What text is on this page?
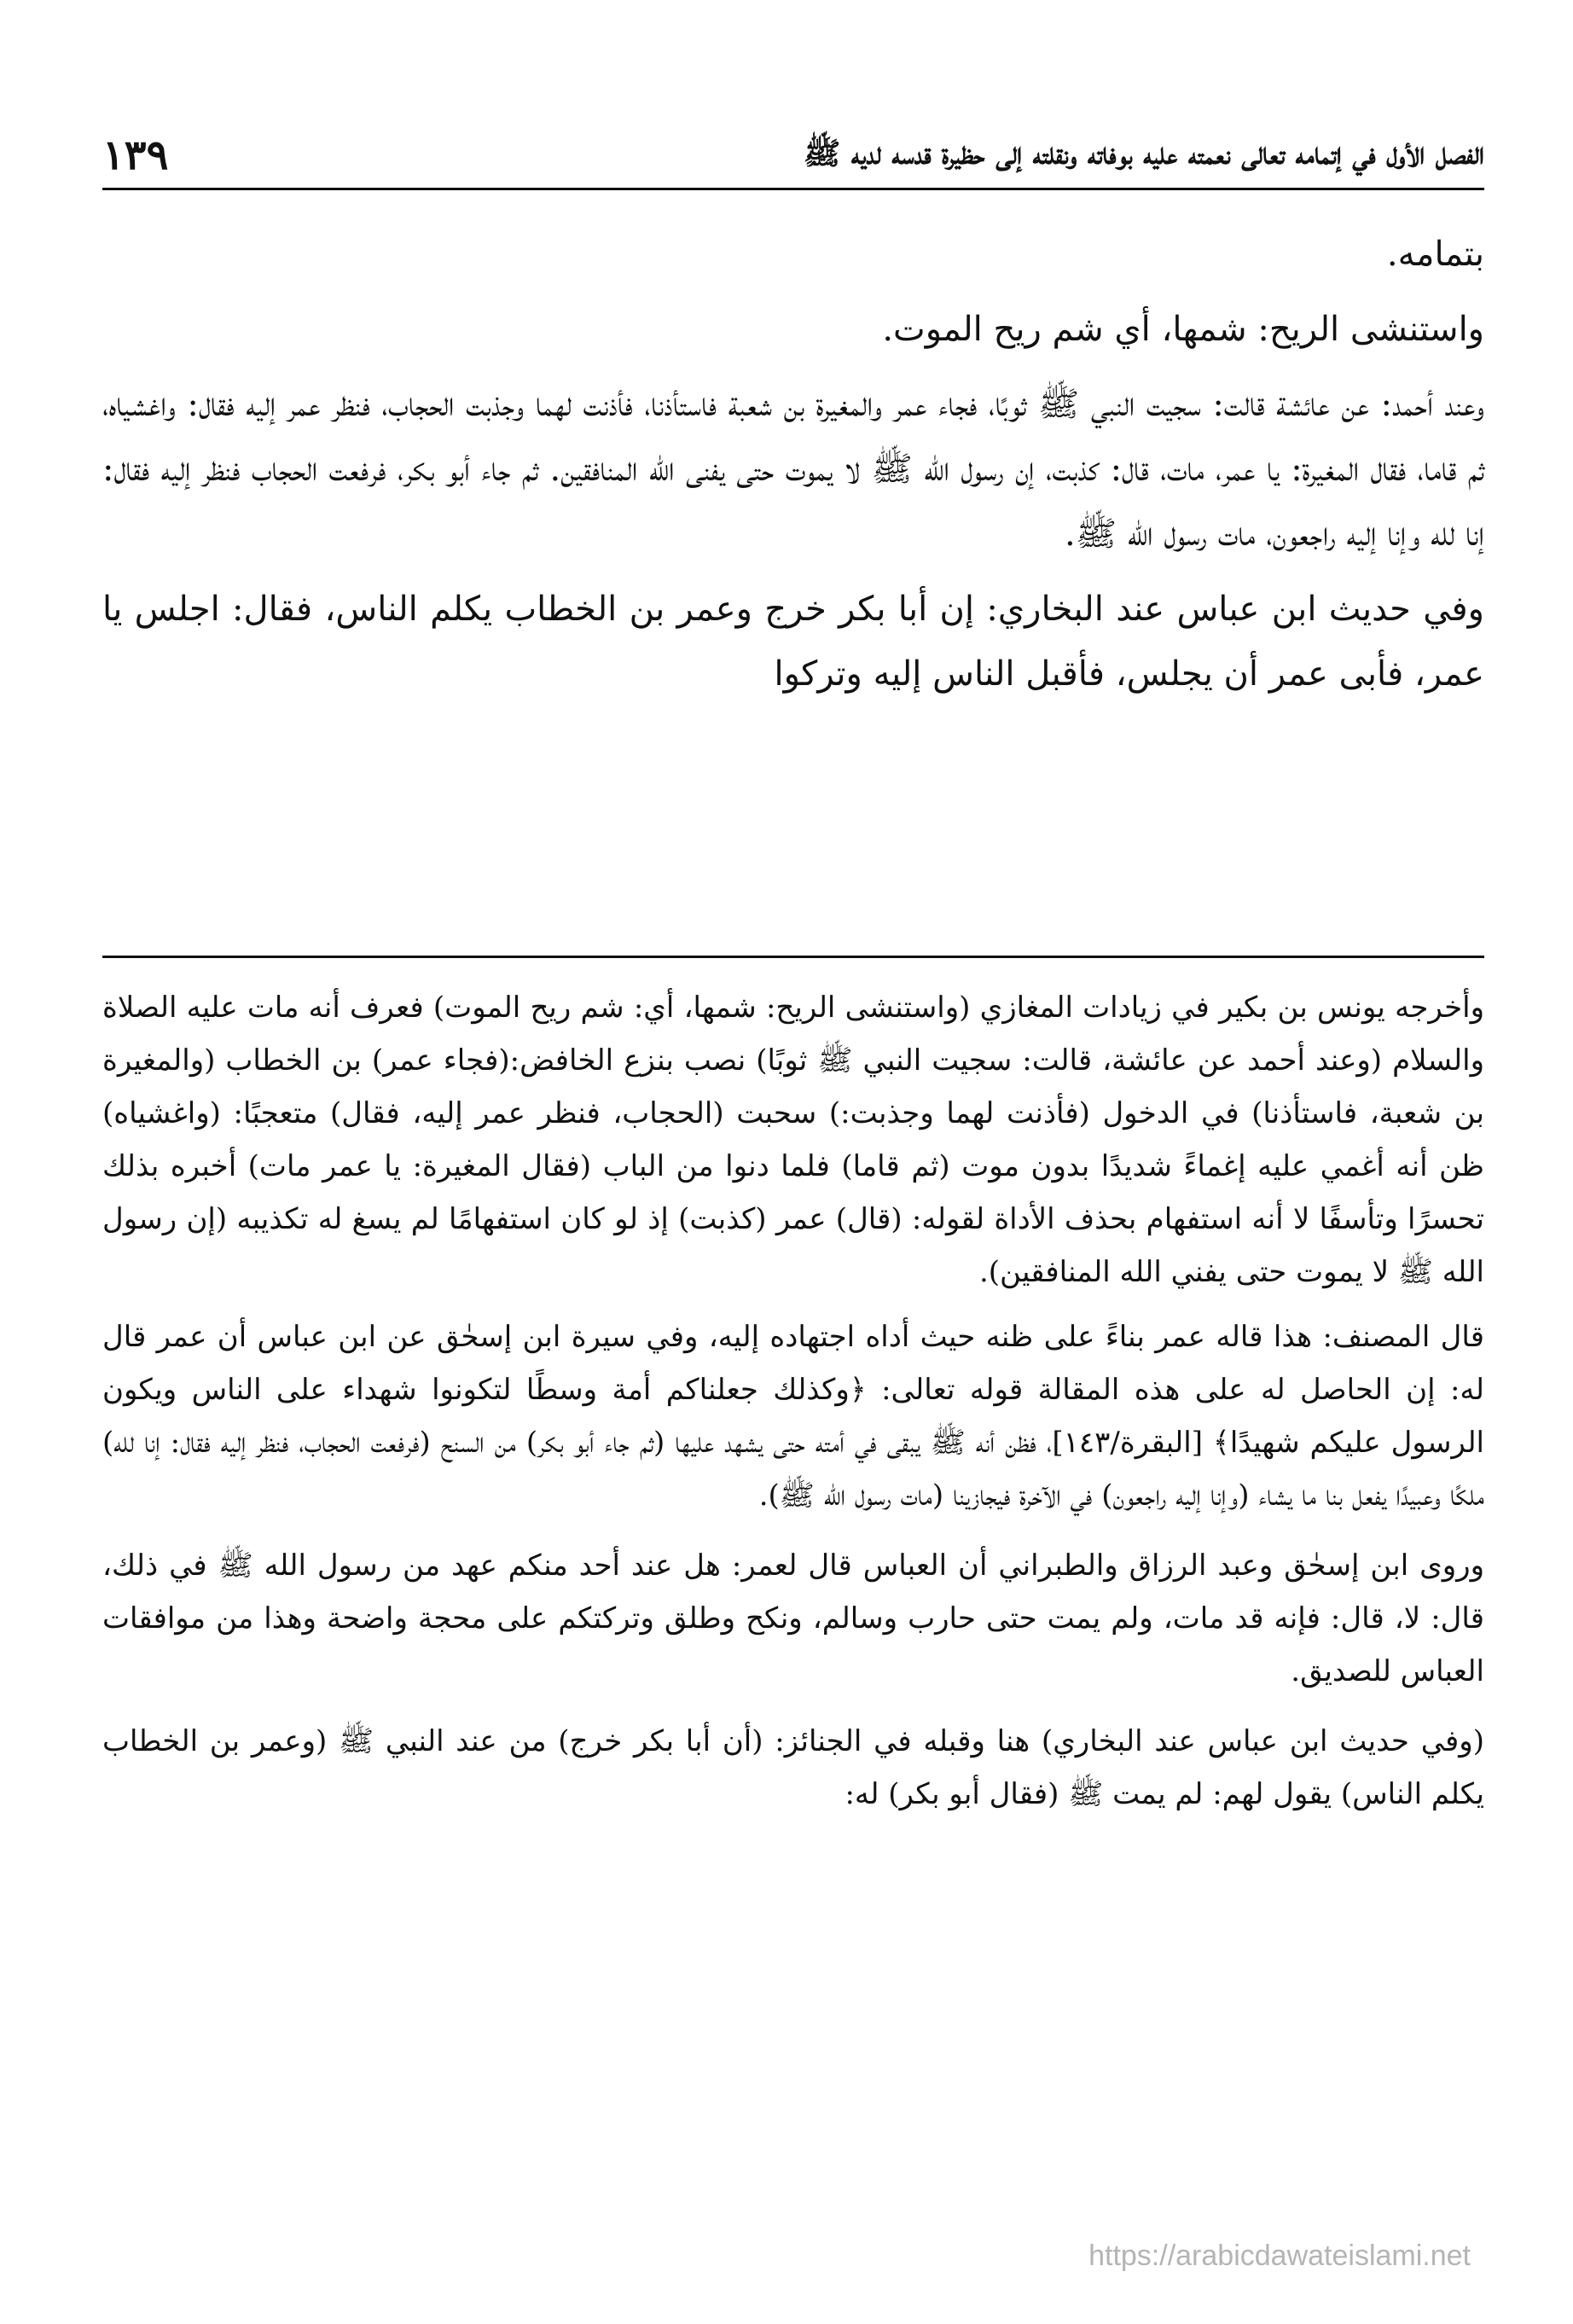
الفصل الأول في إتمامه تعالى نعمته عليه بوفاته ونقلته إلى حظيرة قدسه لديه ﷺ
١٣٩

بتمامه.

واستنشى الريح: شمها، أي شم ريح الموت.

وعند أحمد: عن عائشة قالت: سجيت النبي ﷺ ثوبًا، فجاء عمر والمغيرة بن شعبة فاستأذنا، فأذنت لهما وجذبت الحجاب، فنظر عمر إليه فقال: واغشياه، ثم قاما، فقال المغيرة: يا عمر، مات، قال: كذبت، إن رسول الله ﷺ لا يموت حتى يفنى الله المنافقين. ثم جاء أبو بكر، فرفعت الحجاب فنظر إليه فقال: إنا لله وإنا إليه راجعون، مات رسول الله ﷺ.

وفي حديث ابن عباس عند البخاري: إن أبا بكر خرج وعمر بن الخطاب يكلم الناس، فقال: اجلس يا عمر، فأبى عمر أن يجلس، فأقبل الناس إليه وتركوا

وأخرجه يونس بن بكير في زيادات المغازي (واستنشى الريح: شمها، أي: شم ريح الموت) فعرف أنه مات عليه الصلاة والسلام (وعند أحمد عن عائشة، قالت: سجيت النبي ﷺ ثوبًا) نصب بنزع الخافض:(فجاء عمر) بن الخطاب (والمغيرة بن شعبة، فاستأذنا) في الدخول (فأذنت لهما وجذبت:) سحبت (الحجاب، فنظر عمر إليه، فقال) متعجبًا: (واغشياه) ظن أنه أغمي عليه إغماءً شديدًا بدون موت (ثم قاما) فلما دنوا من الباب (فقال المغيرة: يا عمر مات) أخبره بذلك تحسرًا وتأسفًا لا أنه استفهام بحذف الأداة لقوله: (قال) عمر (كذبت) إذ لو كان استفهامًا لم يسغ له تكذيبه (إن رسول الله ﷺ لا يموت حتى يفني الله المنافقين).

قال المصنف: هذا قاله عمر بناءً على ظنه حيث أداه اجتهاده إليه، وفي سيرة ابن إسحٰق عن ابن عباس أن عمر قال له: إن الحاصل له على هذه المقالة قوله تعالى: ﴿وكذلك جعلناكم أمة وسطًا لتكونوا شهداء على الناس ويكون الرسول عليكم شهيدًا﴾ [البقرة/١٤٣]، فظن أنه ﷺ يبقى في أمته حتى يشهد عليها (ثم جاء أبو بكر) من السنح (فرفعت الحجاب، فنظر إليه فقال: إنا لله) ملكًا وعبيدًا يفعل بنا ما يشاء (وإنا إليه راجعون) في الآخرة فيجازينا (مات رسول الله ﷺ).

وروى ابن إسحٰق وعبد الرزاق والطبراني أن العباس قال لعمر: هل عند أحد منكم عهد من رسول الله ﷺ في ذلك، قال: لا، قال: فإنه قد مات، ولم يمت حتى حارب وسالم، ونكح وطلق وتركتكم على محجة واضحة وهذا من موافقات العباس للصديق.

(وفي حديث ابن عباس عند البخاري) هنا وقبله في الجنائز: (أن أبا بكر خرج) من عند النبي ﷺ (وعمر بن الخطاب يكلم الناس) يقول لهم: لم يمت ﷺ (فقال أبو بكر) له:

https://arabicdawateislami.net
